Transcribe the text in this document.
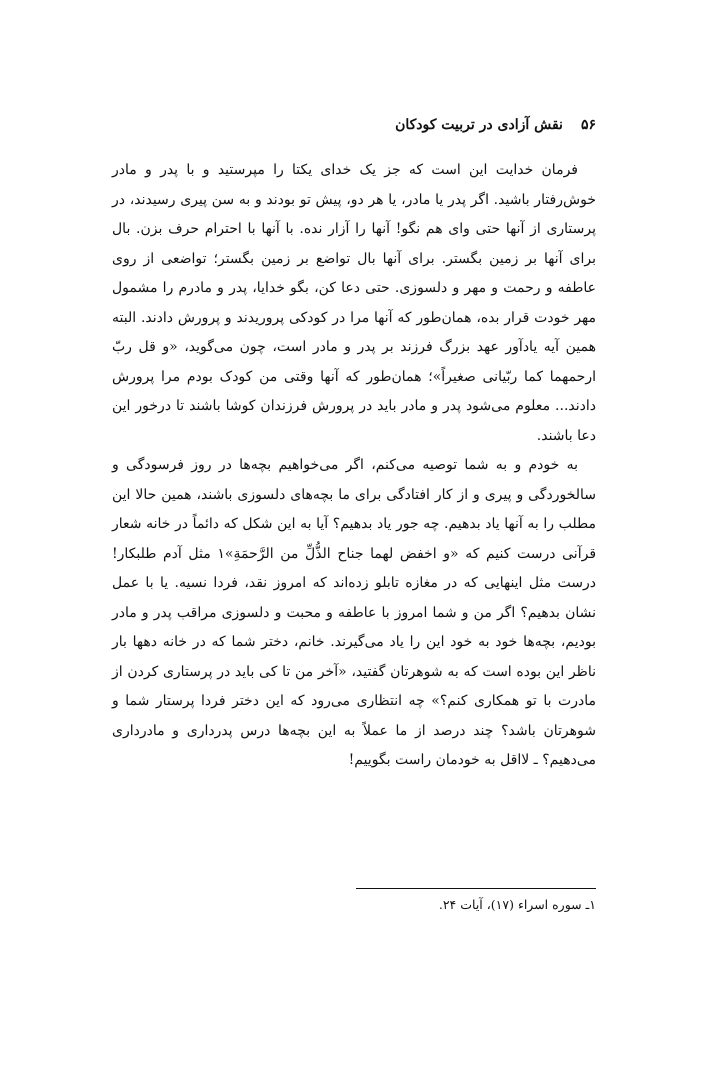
۵۶نقش آزادی در تربیت کودکان

فرمان خدایت این است که جز یک خدای یکتا را مپرستید و با پدر و مادر خوش‌رفتار باشید. اگر پدر یا مادر، یا هر دو، پیش تو بودند و به سن پیری رسیدند، در پرستاری از آنها حتی وای هم نگو! آنها را آزار نده. با آنها با احترام حرف بزن. بال برای آنها بر زمین بگستر. برای آنها بال تواضع بر زمین بگستر؛ تواضعی از روی عاطفه و رحمت و مهر و دلسوزی. حتی دعا کن، بگو خدایا، پدر و مادرم را مشمول مهر خودت قرار بده، همان‌طور که آنها مرا در کودکی پروریدند و پرورش دادند. البته همین آیه یادآور عهد بزرگ فرزند بر پدر و مادر است، چون می‌گوید، «و قل ربّ ارحمهما کما ربّیانی صغیراً»؛ همان‌طور که آنها وقتی من کودک بودم مرا پرورش دادند... معلوم می‌شود پدر و مادر باید در پرورش فرزندان کوشا باشند تا درخور این دعا باشند.

به خودم و به شما توصیه می‌کنم، اگر می‌خواهیم بچه‌ها در روز فرسودگی و سالخوردگی و پیری و از کار افتادگی برای ما بچه‌های دلسوزی باشند، همین حالا این مطلب را به آنها یاد بدهیم. چه جور یاد بدهیم؟ آیا به این شکل که دائماً در خانه شعار قرآنی درست کنیم که «و اخفض لهما جناح الذُّلِّ من الرَّحمَةِ»۱ مثل آدم طلبکار! درست مثل اینهایی که در مغازه تابلو زده‌اند که امروز نقد، فردا نسیه. یا با عمل نشان بدهیم؟ اگر من و شما امروز با عاطفه و محبت و دلسوزی مراقب پدر و مادر بودیم، بچه‌ها خود به خود این را یاد می‌گیرند. خانم، دختر شما که در خانه دهها بار ناظر این بوده است که به شوهرتان گفتید، «آخر من تا کی باید در پرستاری کردن از مادرت با تو همکاری کنم؟» چه انتظاری می‌رود که این دختر فردا پرستار شما و شوهرتان باشد؟ چند درصد از ما عملاً به این بچه‌ها درس پدرداری و مادرداری می‌دهیم؟ ـ لااقل به خودمان راست بگوییم!

۱ـ سوره اسراء (۱۷)، آیات ۲۴.
